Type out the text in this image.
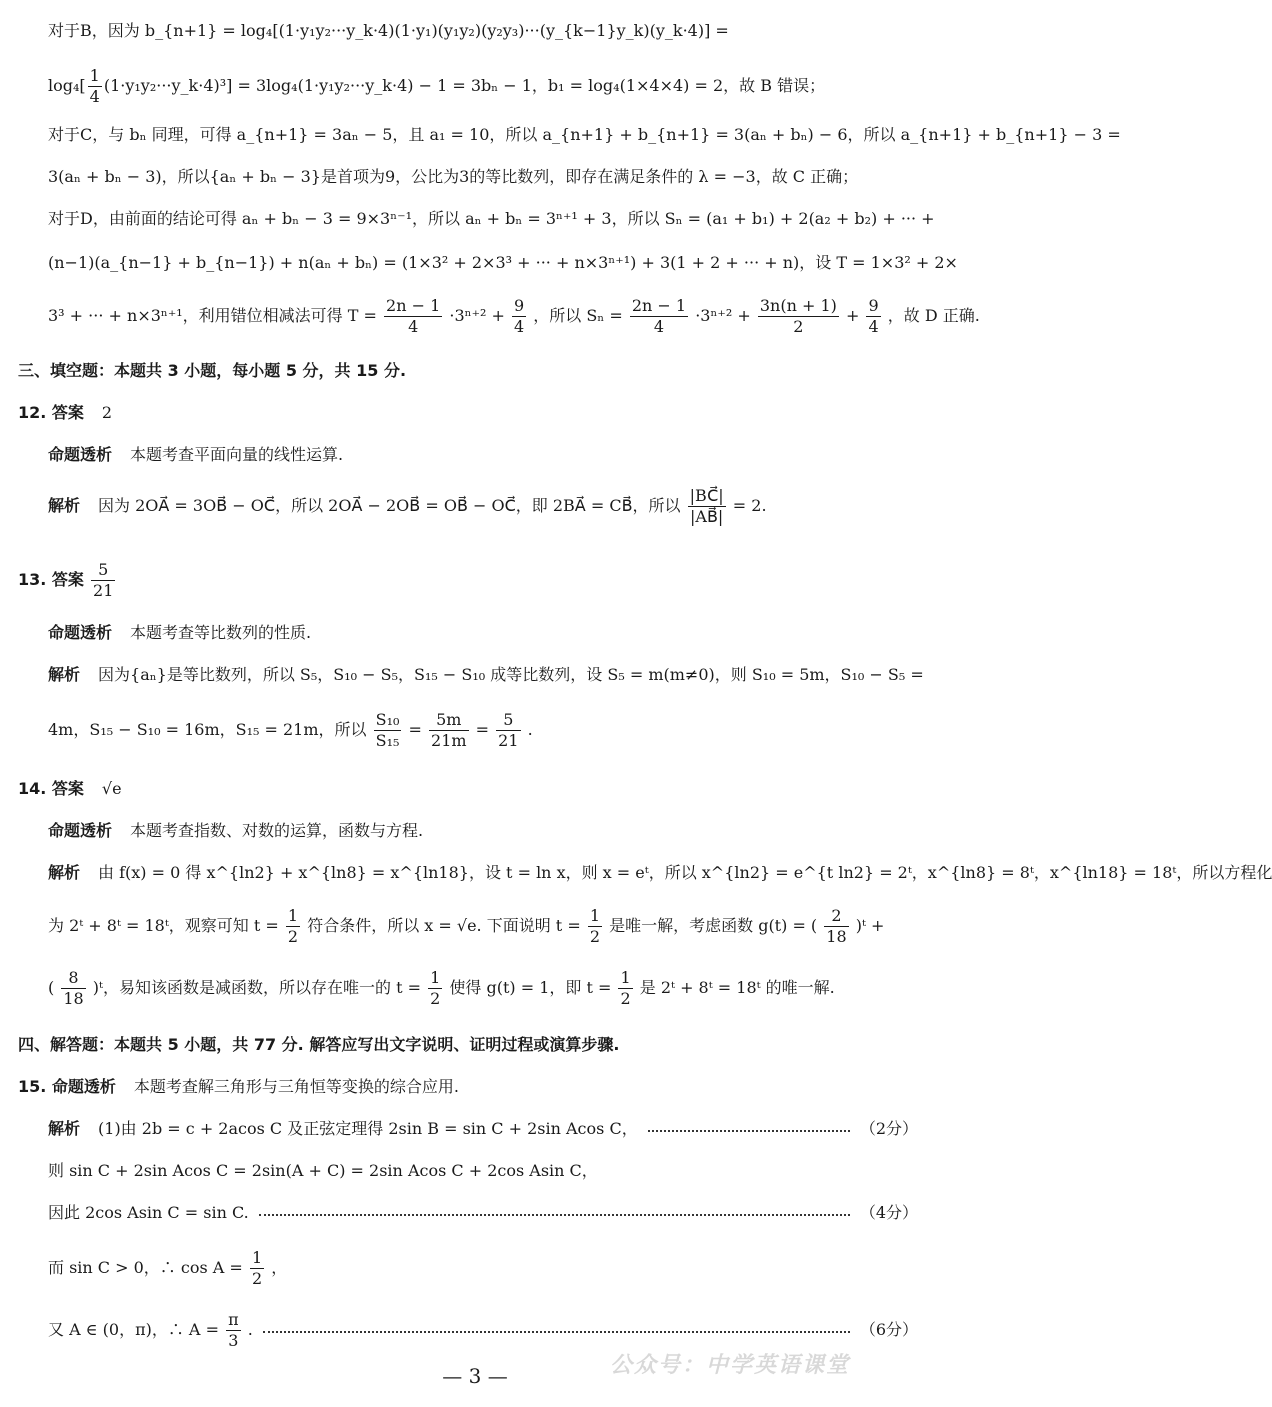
对于B，因为 b_{n+1} = log₄[(1·y₁y₂···y_k·4)(1·y₁)(y₁y₂)(y₂y₃)···(y_{k−1}y_k)(y_k·4)] =
$\log_4[ \frac{1}{4}$ (1·y₁y₂···y_k·4)³] = 3log₄(1·y₁y₂···y_k·4) − 1 = 3bₙ − 1，b₁ = log₄(1×4×4) = 2，故 B 错误；
对于C，与 bₙ 同理，可得 a_{n+1} = 3aₙ − 5，且 a₁ = 10，所以 a_{n+1} + b_{n+1} = 3(aₙ + bₙ) − 6，所以 a_{n+1} + b_{n+1} − 3 =
3(aₙ + bₙ − 3)，所以{aₙ + bₙ − 3}是首项为9，公比为3的等比数列，即存在满足条件的 λ = −3，故 C 正确；
对于D，由前面的结论可得 aₙ + bₙ − 3 = 9×3ⁿ⁻¹，所以 aₙ + bₙ = 3ⁿ⁺¹ + 3，所以 Sₙ = (a₁ + b₁) + 2(a₂ + b₂) + ··· +
(n−1)(a_{n−1} + b_{n−1}) + n(aₙ + bₙ) = (1×3² + 2×3³ + ··· + n×3ⁿ⁺¹) + 3(1 + 2 + ··· + n)，设 T = 1×3² + 2×
3³ + ··· + n×3ⁿ⁺¹，利用错位相减法可得 $T = \frac{2n - 1}{4} \cdot 3^{n+2} + \frac{9}{4}$ ，所以 $S_n = \frac{2n - 1}{4} \cdot 3^{n+2} + \frac{3n(n + 1)}{2} + \frac{9}{4}$ ，故 D 正确.
三、填空题：本题共 3 小题，每小题 5 分，共 15 分.
12. 答案 2
命题透析 本题考查平面向量的线性运算.
解析 因为 2OA⃗ = 3OB⃗ − OC⃗，所以 2OA⃗ − 2OB⃗ = OB⃗ − OC⃗，即 2BA⃗ = CB⃗，所以 $\frac{|BC⃗|}{|AB⃗|} = 2$.
13. 答案 $\frac{5}{21}$
命题透析 本题考查等比数列的性质.
解析 因为{aₙ}是等比数列，所以 S₅，S₁₀ − S₅，S₁₅ − S₁₀ 成等比数列，设 S₅ = m(m≠0)，则 S₁₀ = 5m，S₁₀ − S₅ =
4m，S₁₅ − S₁₀ = 16m，S₁₅ = 21m，所以 $\frac{\text{S₁₀}}{\text{S₁₅}} = \frac{5m}{21m} = \frac{5}{21}$ .
14. 答案 √e
命题透析 本题考查指数、对数的运算，函数与方程.
解析 由 f(x) = 0 得 x^{ln2} + x^{ln8} = x^{ln18}，设 t = ln x，则 x = eᵗ，所以 x^{ln2} = e^{t ln2} = 2ᵗ，x^{ln8} = 8ᵗ，x^{ln18} = 18ᵗ，所以方程化
为 2ᵗ + 8ᵗ = 18ᵗ，观察可知 $t = \frac{1}{2}$ 符合条件，所以 x = √e. 下面说明 $t = \frac{1}{2}$ 是唯一解，考虑函数 g(t) = ( $\frac{2}{18}$ )ᵗ +
( $\frac{8}{18}$ )ᵗ，易知该函数是减函数，所以存在唯一的 $t = \frac{1}{2}$ 使得 g(t) = 1，即 $t = \frac{1}{2}$ 是 2ᵗ + 8ᵗ = 18ᵗ 的唯一解.
四、解答题：本题共 5 小题，共 77 分. 解答应写出文字说明、证明过程或演算步骤.
15. 命题透析 本题考查解三角形与三角恒等变换的综合应用.
解析 (1)由 2b = c + 2acos C 及正弦定理得 2sin B = sin C + 2sin Acos C，	（2分）
则 sin C + 2sin Acos C = 2sin(A + C) = 2sin Acos C + 2cos Asin C，
因此 2cos Asin C = sin C.	（4分）
而 sin C > 0，∴ $\cos A = \frac{1}{2}$ ，
又 A ∈ (0，π)，∴ $A = \frac{\pi}{3}$ .	（6分）
公众号：中学英语课堂
— 3 —
